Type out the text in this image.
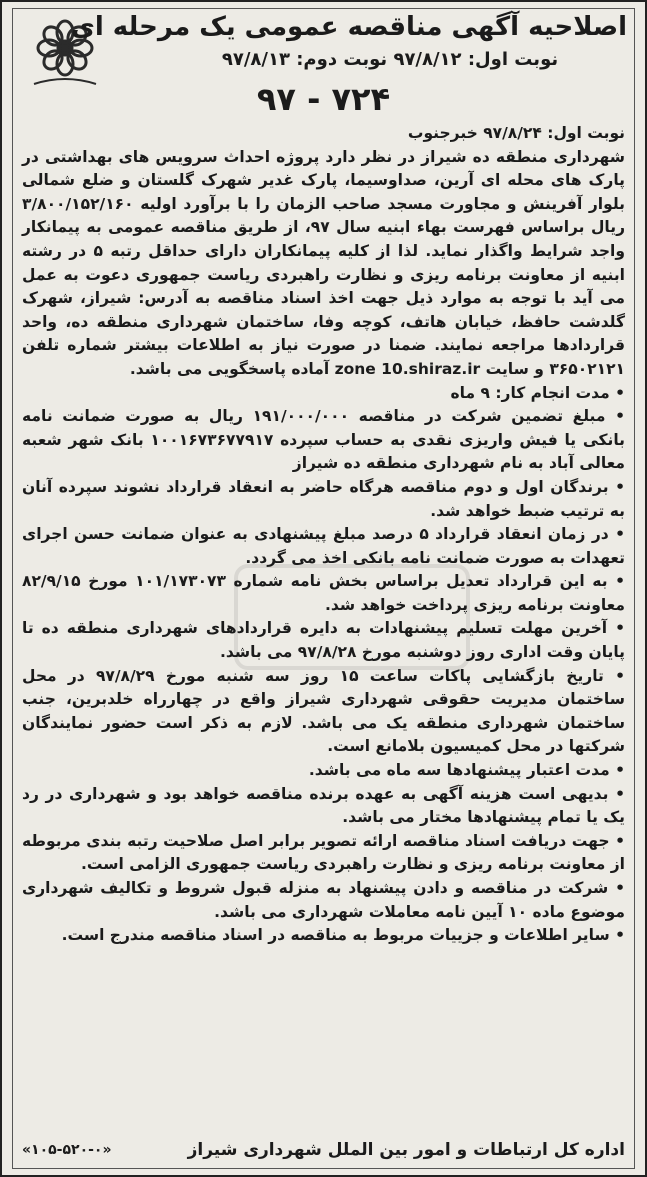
اصلاحیه آگهی مناقصه عمومی یک مرحله ای
نوبت اول: ۹۷/۸/۱۲ نوبت دوم: ۹۷/۸/۱۳
۹۷ - ۷۲۴

نوبت اول: ۹۷/۸/۲۴ خبرجنوب

شهرداری منطقه ده شیراز در نظر دارد پروژه احداث سرویس های بهداشتی در پارک های محله ای آرین، صداوسیما، پارک غدیر شهرک گلستان و ضلع شمالی بلوار آفرینش و مجاورت مسجد صاحب الزمان را با برآورد اولیه ۳/۸۰۰/۱۵۲/۱۶۰ ریال براساس فهرست بهاء ابنیه سال ۹۷، از طریق مناقصه عمومی به پیمانکار واجد شرایط واگذار نماید. لذا از کلیه پیمانکاران دارای حداقل رتبه ۵ در رشته ابنیه از معاونت برنامه ریزی و نظارت راهبردی ریاست جمهوری دعوت به عمل می آید با توجه به موارد ذیل جهت اخذ اسناد مناقصه به آدرس: شیراز، شهرک گلدشت حافظ، خیابان هاتف، کوچه وفا، ساختمان شهرداری منطقه ده، واحد قراردادها مراجعه نمایند. ضمنا در صورت نیاز به اطلاعات بیشتر شماره تلفن ۳۶۵۰۲۱۲۱ و سایت zone 10.shiraz.ir آماده پاسخگویی می باشد.

• مدت انجام کار: ۹ ماه

• مبلغ تضمین شرکت در مناقصه ۱۹۱/۰۰۰/۰۰۰ ریال به صورت ضمانت نامه بانکی یا فیش واریزی نقدی به حساب سپرده ۱۰۰۱۶۷۳۶۷۷۹۱۷ بانک شهر شعبه معالی آباد به نام شهرداری منطقه ده شیراز

• برندگان اول و دوم مناقصه هرگاه حاضر به انعقاد قرارداد نشوند سپرده آنان به ترتیب ضبط خواهد شد.

• در زمان انعقاد قرارداد ۵ درصد مبلغ پیشنهادی به عنوان ضمانت حسن اجرای تعهدات به صورت ضمانت نامه بانکی اخذ می گردد.

• به این قرارداد تعدیل براساس بخش نامه شماره ۱۰۱/۱۷۳۰۷۳ مورخ ۸۲/۹/۱۵ معاونت برنامه ریزی پرداخت خواهد شد.

• آخرین مهلت تسلیم پیشنهادات به دایره قراردادهای شهرداری منطقه ده تا پایان وقت اداری روز دوشنبه مورخ ۹۷/۸/۲۸ می باشد.

• تاریخ بازگشایی پاکات ساعت ۱۵ روز سه شنبه مورخ ۹۷/۸/۲۹ در محل ساختمان مدیریت حقوقی شهرداری شیراز واقع در چهارراه خلدبرین، جنب ساختمان شهرداری منطقه یک می باشد. لازم به ذکر است حضور نمایندگان شرکتها در محل کمیسیون بلامانع است.

• مدت اعتبار پیشنهادها سه ماه می باشد.

• بدیهی است هزینه آگهی به عهده برنده مناقصه خواهد بود و شهرداری در رد یک یا تمام پیشنهادها مختار می باشد.

• جهت دریافت اسناد مناقصه ارائه تصویر برابر اصل صلاحیت رتبه بندی مربوطه از معاونت برنامه ریزی و نظارت راهبردی ریاست جمهوری الزامی است.

• شرکت در مناقصه و دادن پیشنهاد به منزله قبول شروط و تکالیف شهرداری موضوع ماده ۱۰ آیین نامه معاملات شهرداری می باشد.

• سایر اطلاعات و جزییات مربوط به مناقصه در اسناد مناقصه مندرج است.

اداره کل ارتباطات و امور بین الملل شهرداری شیراز
«۱۰۵-۵۲۰-۰»
